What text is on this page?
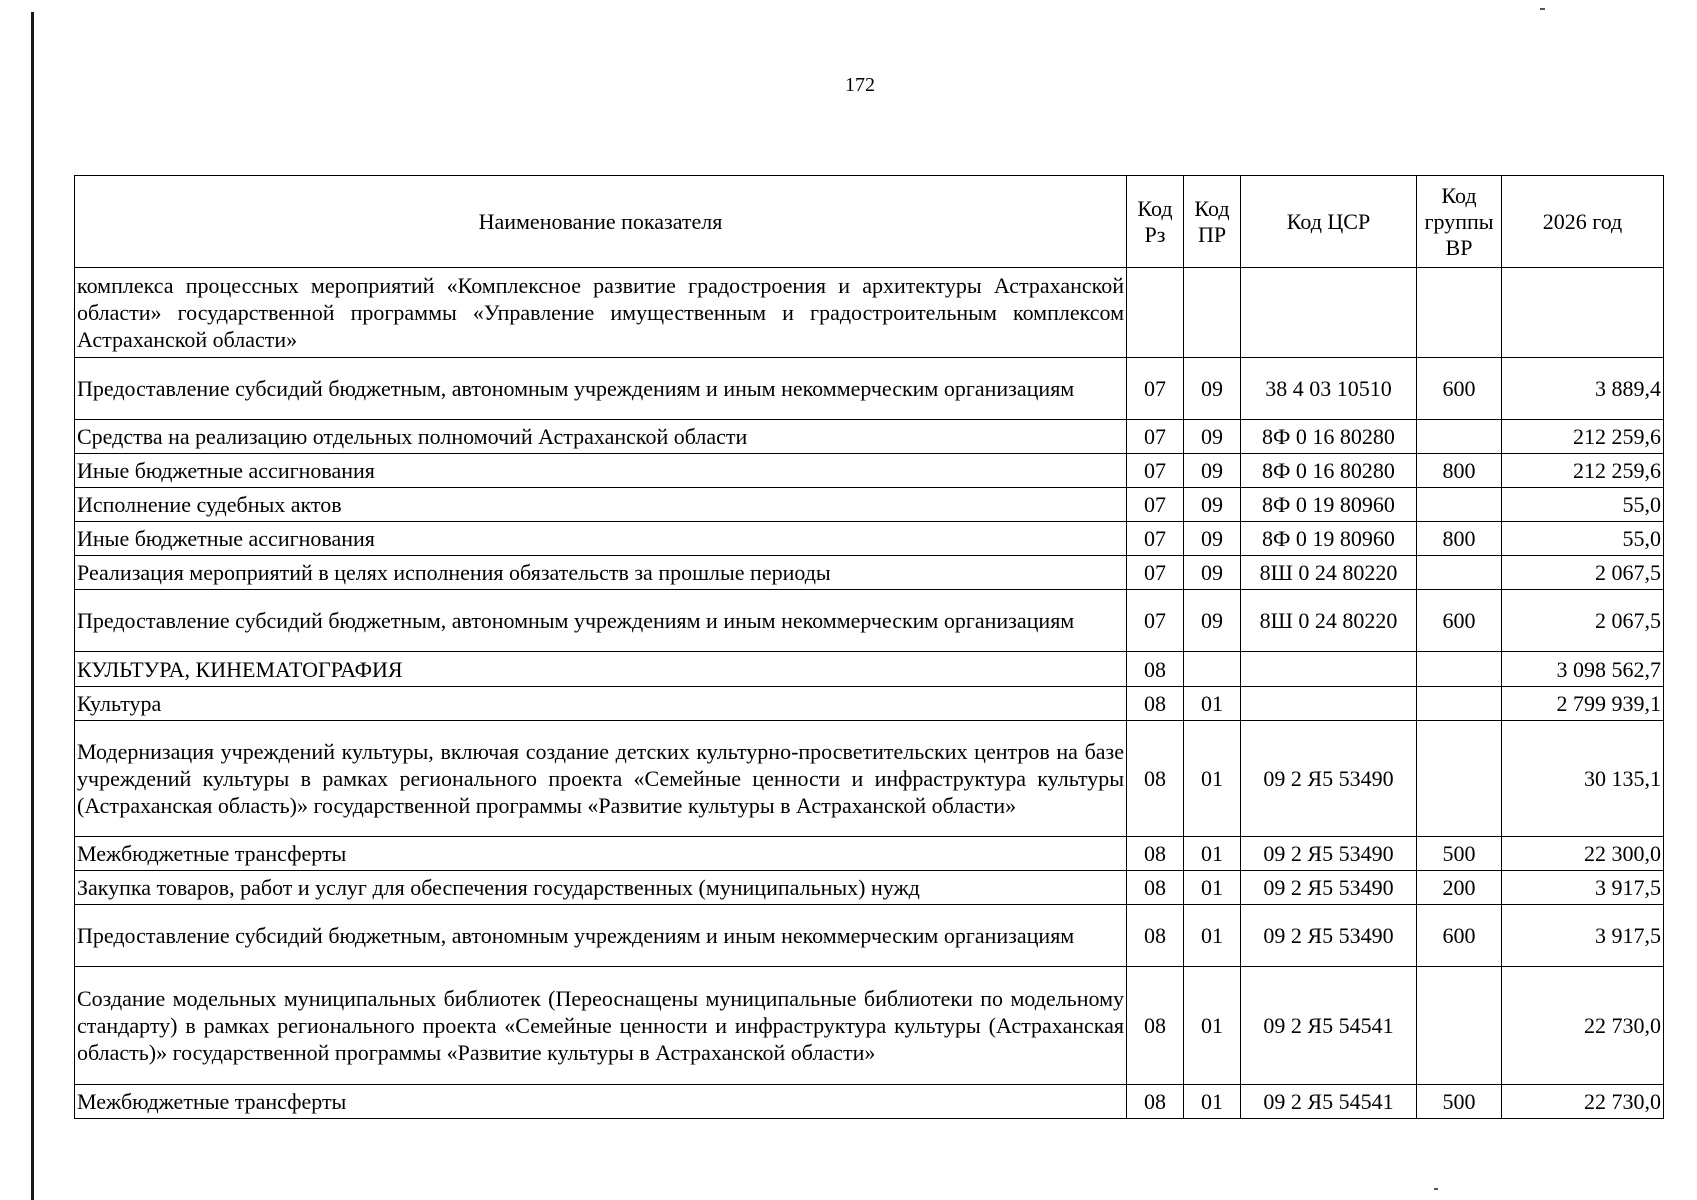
172
Наименование показателя	Код Рз	Код ПР	Код ЦСР	Код группы ВР	2026 год
комплекса процессных мероприятий «Комплексное развитие градостроения и архитектуры Астраханской области» государственной программы «Управление имущественным и градостроительным комплексом Астраханской области»					
Предоставление субсидий бюджетным, автономным учреждениям и иным некоммерческим организациям	07	09	38 4 03 10510	600	3 889,4
Средства на реализацию отдельных полномочий Астраханской области	07	09	8Ф 0 16 80280		212 259,6
Иные бюджетные ассигнования	07	09	8Ф 0 16 80280	800	212 259,6
Исполнение судебных актов	07	09	8Ф 0 19 80960		55,0
Иные бюджетные ассигнования	07	09	8Ф 0 19 80960	800	55,0
Реализация мероприятий в целях исполнения обязательств за прошлые периоды	07	09	8Ш 0 24 80220		2 067,5
Предоставление субсидий бюджетным, автономным учреждениям и иным некоммерческим организациям	07	09	8Ш 0 24 80220	600	2 067,5
КУЛЬТУРА, КИНЕМАТОГРАФИЯ	08				3 098 562,7
Культура	08	01			2 799 939,1
Модернизация учреждений культуры, включая создание детских культурно-просветительских центров на базе учреждений культуры в рамках регионального проекта «Семейные ценности и инфраструктура культуры (Астраханская область)» государственной программы «Развитие культуры в Астраханской области»	08	01	09 2 Я5 53490		30 135,1
Межбюджетные трансферты	08	01	09 2 Я5 53490	500	22 300,0
Закупка товаров, работ и услуг для обеспечения государственных (муниципальных) нужд	08	01	09 2 Я5 53490	200	3 917,5
Предоставление субсидий бюджетным, автономным учреждениям и иным некоммерческим организациям	08	01	09 2 Я5 53490	600	3 917,5
Создание модельных муниципальных библиотек (Переоснащены муниципальные библиотеки по модельному стандарту) в рамках регионального проекта «Семейные ценности и инфраструктура культуры (Астраханская область)» государственной программы «Развитие культуры в Астраханской области»	08	01	09 2 Я5 54541		22 730,0
Межбюджетные трансферты	08	01	09 2 Я5 54541	500	22 730,0
